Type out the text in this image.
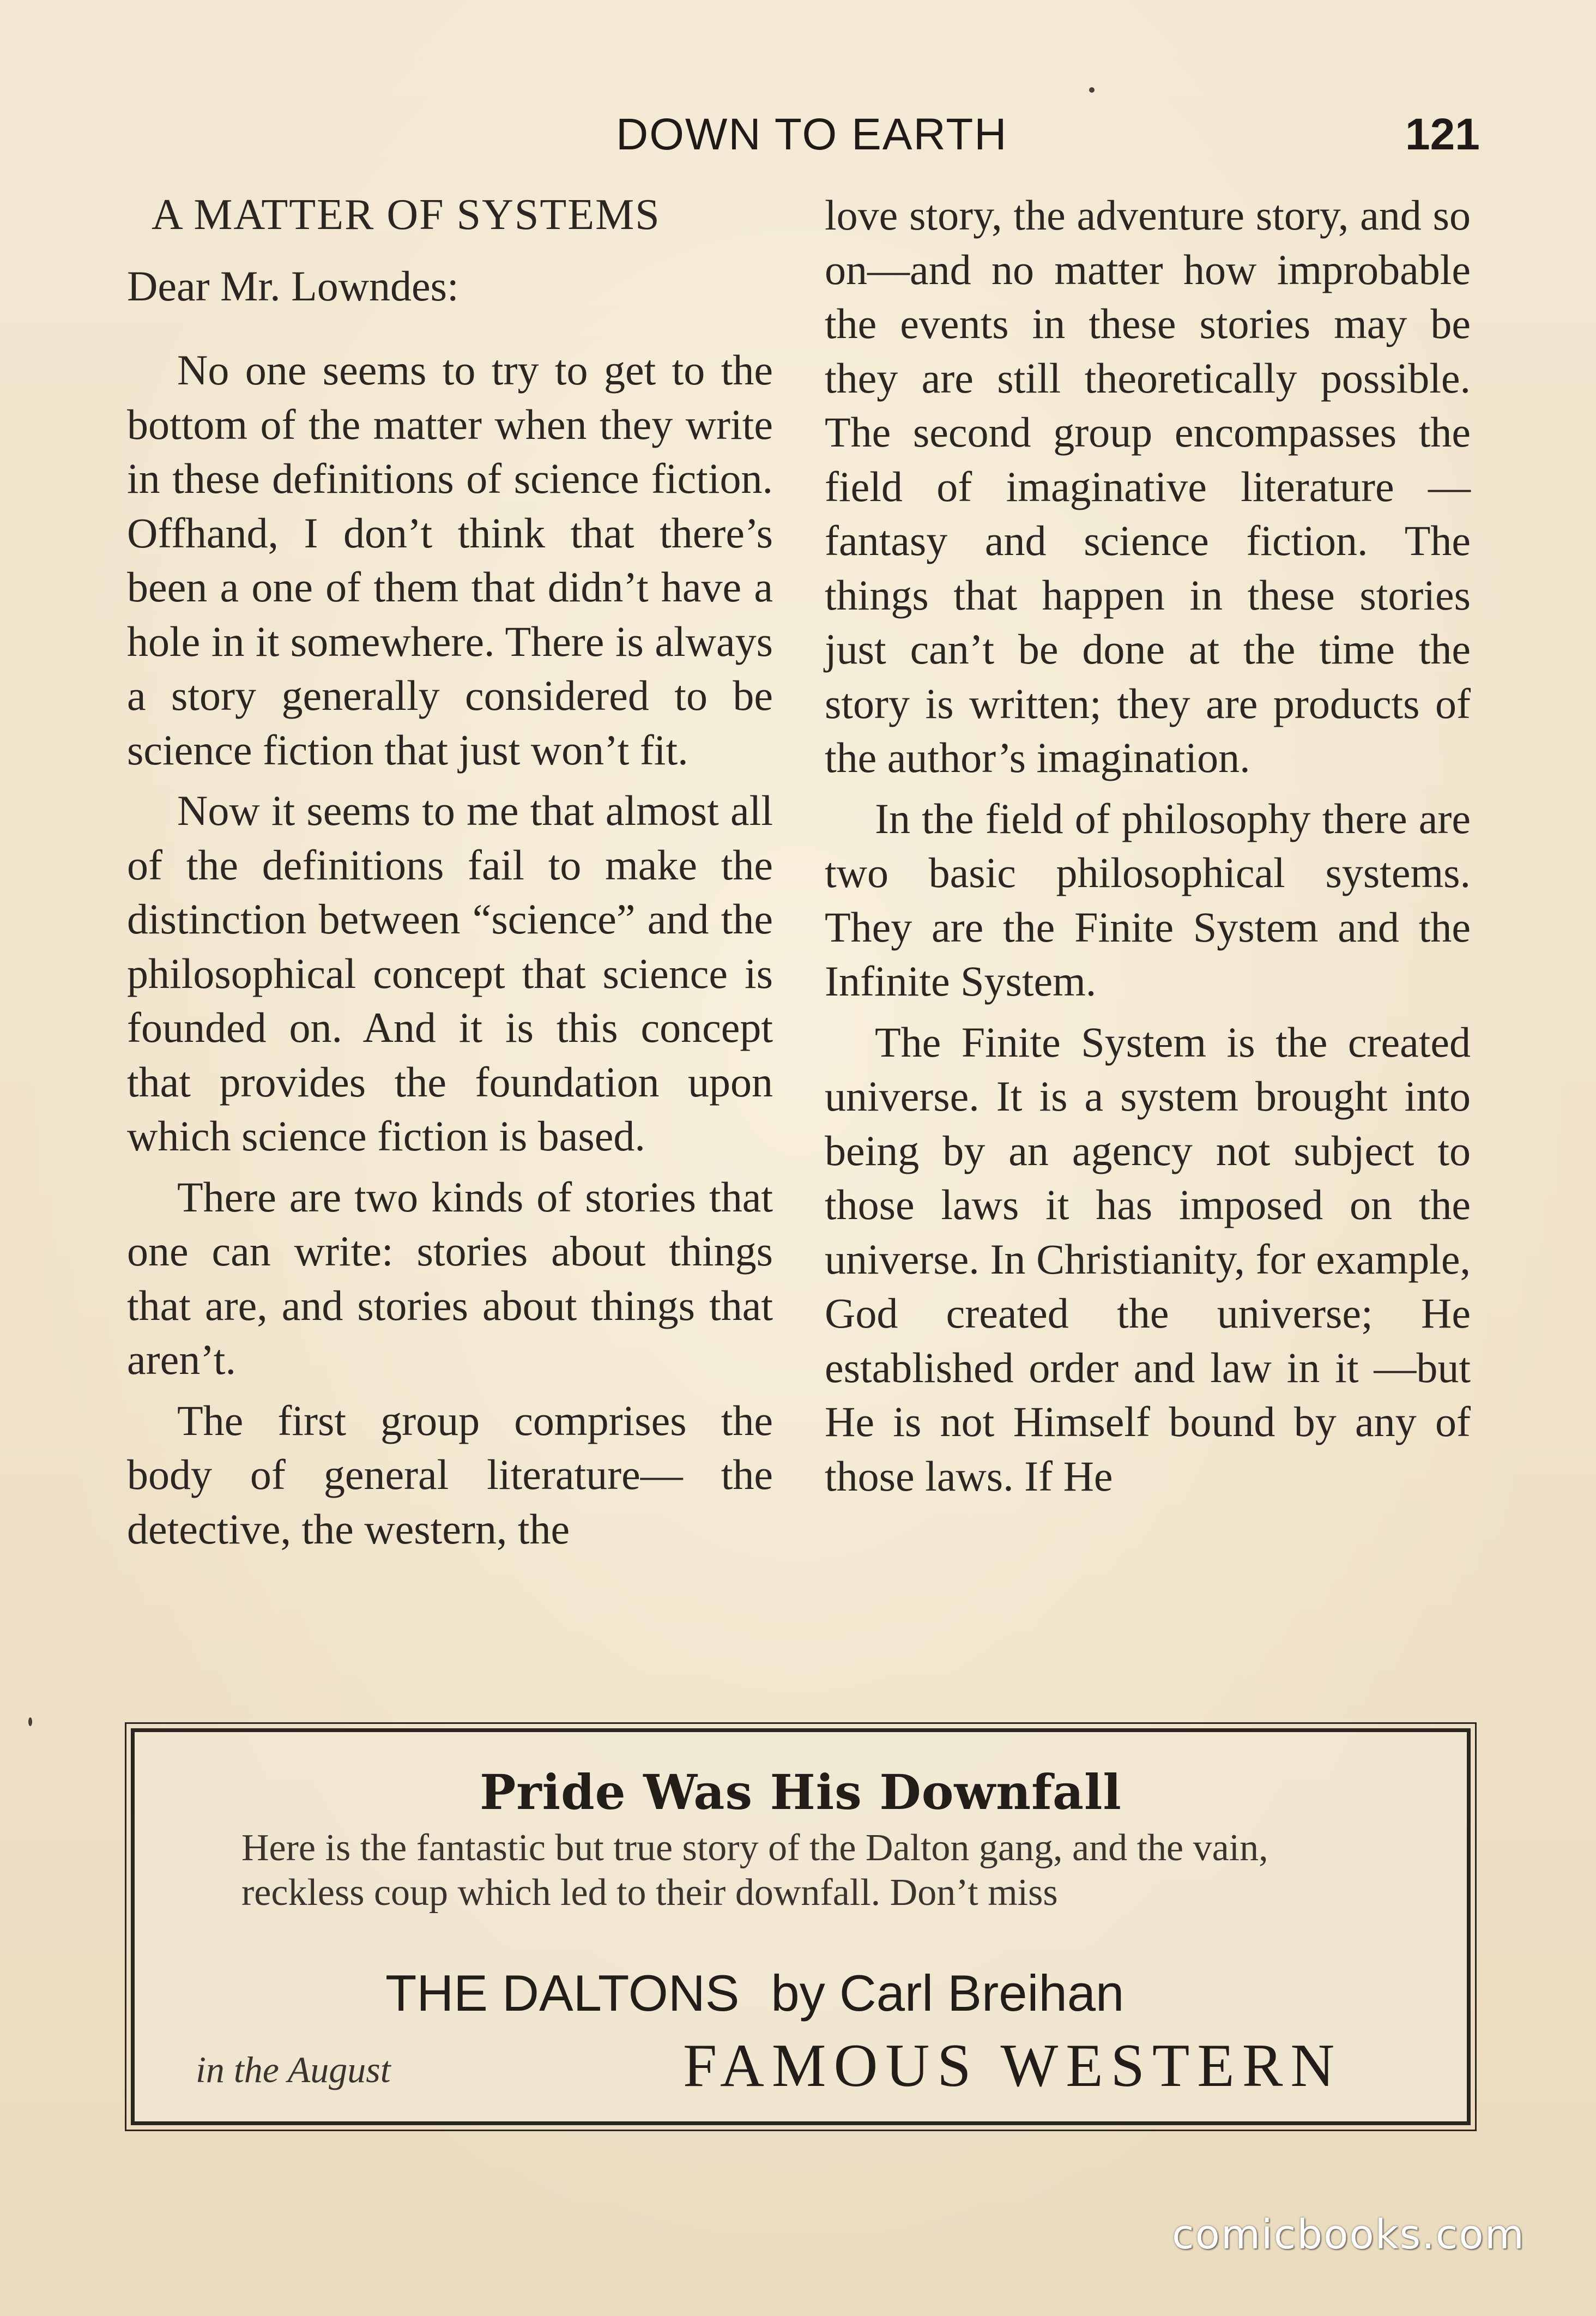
DOWN TO EARTH	121

A MATTER OF SYSTEMS

Dear Mr. Lowndes:

No one seems to try to get to the bottom of the matter when they write in these definitions of science fiction. Offhand, I don’t think that there’s been a one of them that didn’t have a hole in it somewhere. There is always a story generally considered to be science fiction that just won’t fit.

Now it seems to me that almost all of the definitions fail to make the distinction between “science” and the philosophical concept that science is founded on. And it is this concept that provides the foundation upon which science fiction is based.

There are two kinds of stories that one can write: stories about things that are, and stories about things that aren’t.

The first group comprises the body of general literature— the detective, the western, the

love story, the adventure story, and so on—and no matter how improbable the events in these stories may be they are still theoretically possible. The second group encompasses the field of imaginative literature —fantasy and science fiction. The things that happen in these stories just can’t be done at the time the story is written; they are products of the author’s imagination.

In the field of philosophy there are two basic philosophical systems. They are the Finite System and the Infinite System.

The Finite System is the created universe. It is a system brought into being by an agency not subject to those laws it has imposed on the universe. In Christianity, for example, God created the universe; He established order and law in it —but He is not Himself bound by any of those laws. If He

Pride Was His Downfall
Here is the fantastic but true story of the Dalton gang, and the vain, reckless coup which led to their downfall. Don’t miss
THE DALTONS by Carl Breihan
in the August	FAMOUS WESTERN
comicbooks.com
